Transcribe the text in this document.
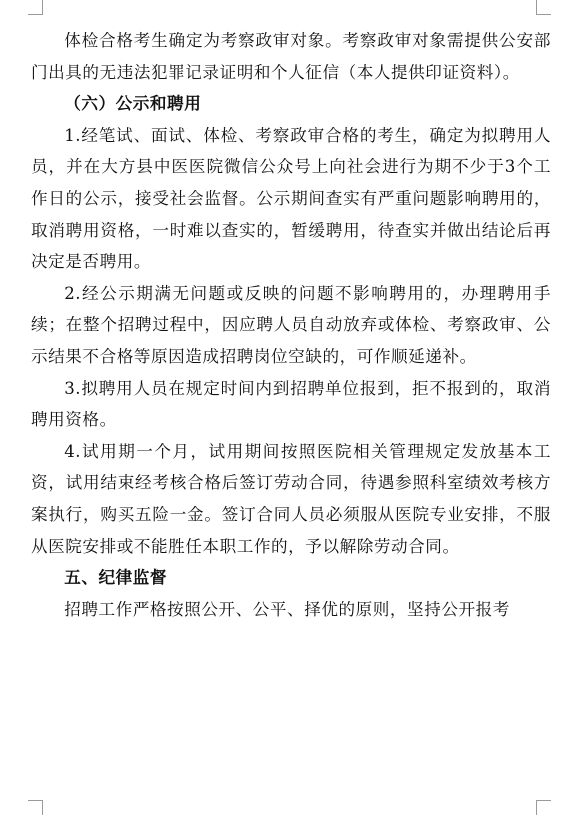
体检合格考生确定为考察政审对象。考察政审对象需提供公安部门出具的无违法犯罪记录证明和个人征信（本人提供印证资料）。

（六）公示和聘用

1.经笔试、面试、体检、考察政审合格的考生，确定为拟聘用人员，并在大方县中医医院微信公众号上向社会进行为期不少于3个工作日的公示，接受社会监督。公示期间查实有严重问题影响聘用的，取消聘用资格，一时难以查实的，暂缓聘用，待查实并做出结论后再决定是否聘用。

2.经公示期满无问题或反映的问题不影响聘用的，办理聘用手续；在整个招聘过程中，因应聘人员自动放弃或体检、考察政审、公示结果不合格等原因造成招聘岗位空缺的，可作顺延递补。

3.拟聘用人员在规定时间内到招聘单位报到，拒不报到的，取消聘用资格。

4.试用期一个月，试用期间按照医院相关管理规定发放基本工资，试用结束经考核合格后签订劳动合同，待遇参照科室绩效考核方案执行，购买五险一金。签订合同人员必须服从医院专业安排，不服从医院安排或不能胜任本职工作的，予以解除劳动合同。

五、纪律监督

招聘工作严格按照公开、公平、择优的原则，坚持公开报考
